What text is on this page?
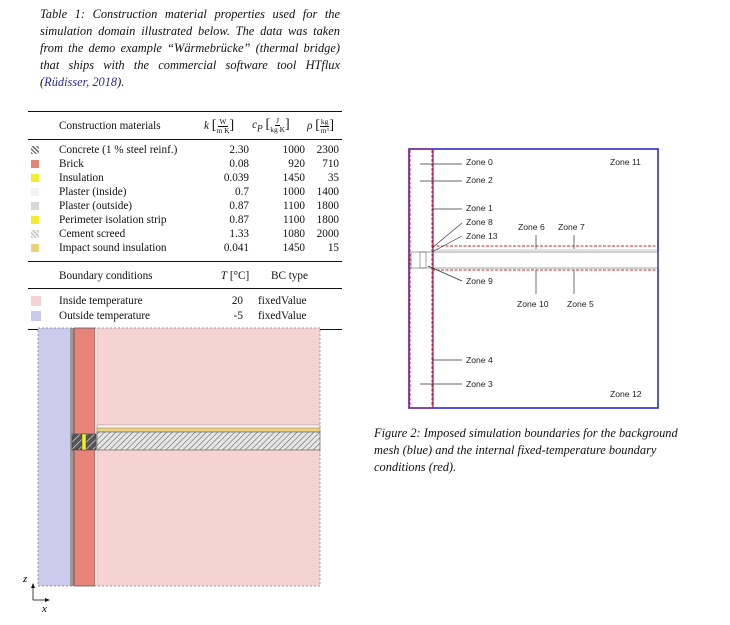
Table 1: Construction material properties used for the simulation domain illustrated below. The data was taken from the demo example “Wärmebrücke” (thermal bridge) that ships with the commercial software tool HTflux (Rüdisser, 2018).
	Construction materials	k [ $\frac{W}{\text{m K}}$ ]	$c_P$ [ $\frac{J}{\text{kg K}}$ ]	ρ [ $\frac{kg}{\text{m³}}$ ]
	Concrete (1 % steel reinf.)	2.30	1000	2300
	Brick	0.08	920	710
	Insulation	0.039	1450	35
	Plaster (inside)	0.7	1000	1400
	Plaster (outside)	0.87	1100	1800
	Perimeter isolation strip	0.87	1100	1800
	Cement screed	1.33	1080	2000
	Impact sound insulation	0.041	1450	15
	Boundary conditions	T [°C]	BC type	
	Inside temperature	20	fixedValue	
	Outside temperature	-5	fixedValue	
z
x
Zone 0
Zone 2
Zone 1
Zone 8
Zone 13
Zone 6 Zone 7
Zone 9
Zone 10 Zone 5
Zone 4
Zone 3
Zone 11
Zone 12
Figure 2: Imposed simulation boundaries for the background mesh (blue) and the internal fixed-temperature boundary conditions (red).
